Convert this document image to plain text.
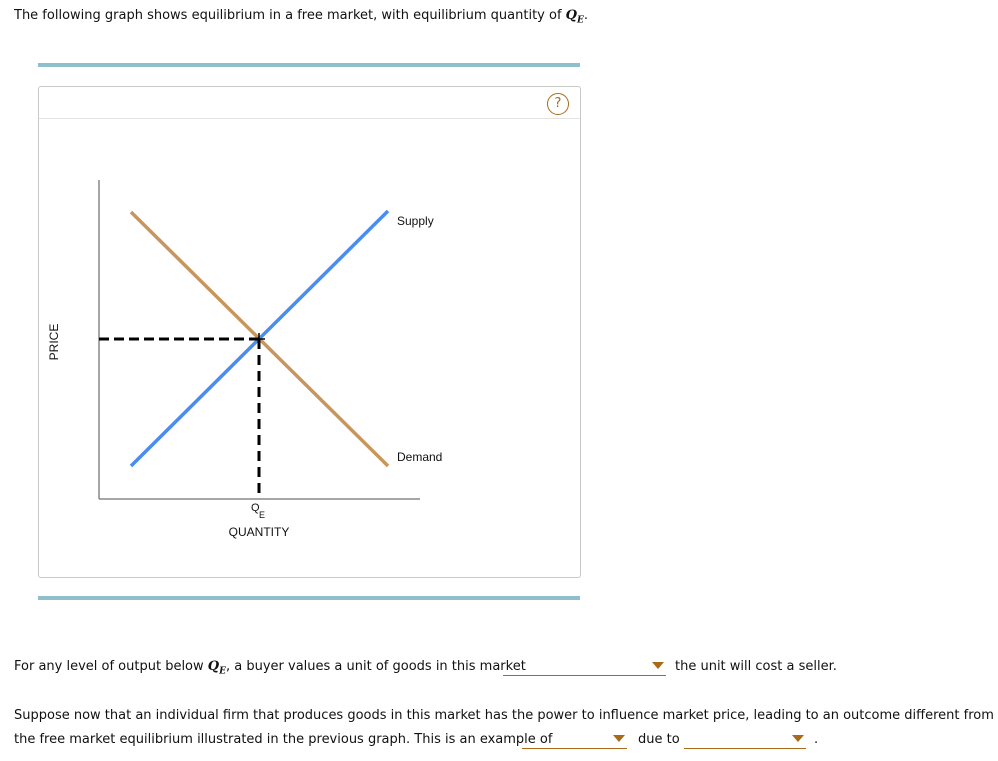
The following graph shows equilibrium in a free market, with equilibrium quantity of $Q_E$.
?
Supply
Demand
Q
E
QUANTITY
PRICE
For any level of output below $Q_E$, a buyer values a unit of goods in this market	the unit will cost a seller.
Suppose now that an individual firm that produces goods in this market has the power to influence market price, leading to an outcome different from
the free market equilibrium illustrated in the previous graph. This is an example of	due to	.
